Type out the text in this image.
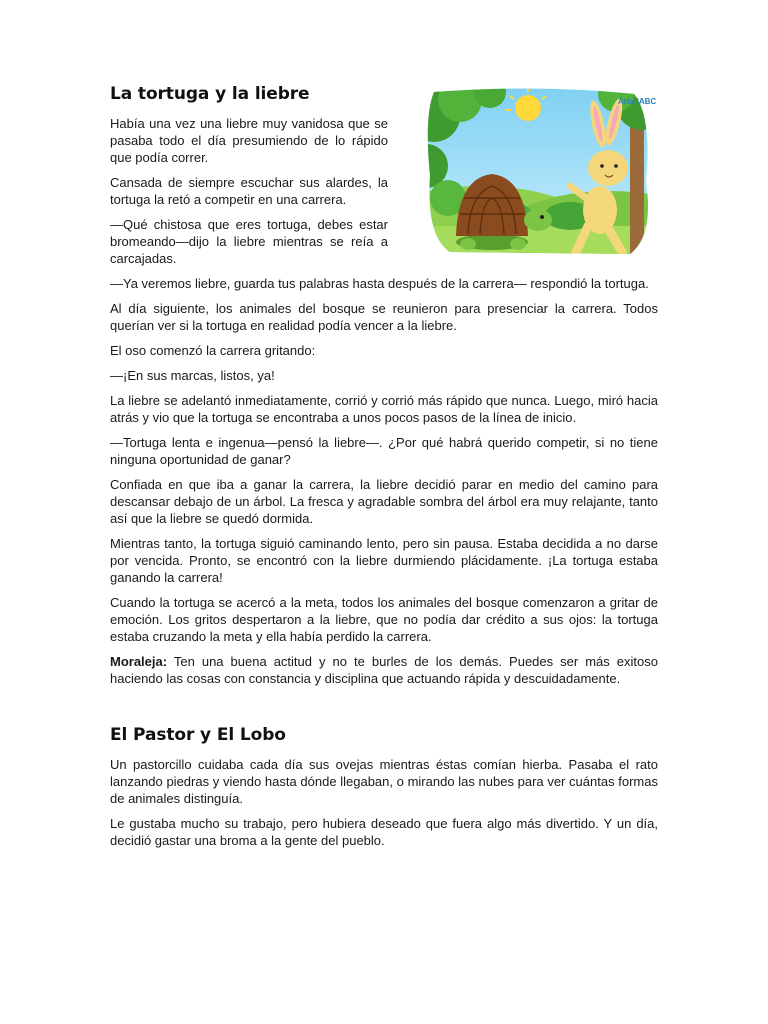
ÁrbolABC
La tortuga y la liebre

Había una vez una liebre muy vanidosa que se pasaba todo el día presumiendo de lo rápido que podía correr.

Cansada de siempre escuchar sus alardes, la tortuga la retó a competir en una carrera.

—Qué chistosa que eres tortuga, debes estar bromeando—dijo la liebre mientras se reía a carcajadas.

—Ya veremos liebre, guarda tus palabras hasta después de la carrera— respondió la tortuga.

Al día siguiente, los animales del bosque se reunieron para presenciar la carrera. Todos querían ver si la tortuga en realidad podía vencer a la liebre.

El oso comenzó la carrera gritando:

—¡En sus marcas, listos, ya!

La liebre se adelantó inmediatamente, corrió y corrió más rápido que nunca. Luego, miró hacia atrás y vio que la tortuga se encontraba a unos pocos pasos de la línea de inicio.

—Tortuga lenta e ingenua—pensó la liebre—. ¿Por qué habrá querido competir, si no tiene ninguna oportunidad de ganar?

Confiada en que iba a ganar la carrera, la liebre decidió parar en medio del camino para descansar debajo de un árbol. La fresca y agradable sombra del árbol era muy relajante, tanto así que la liebre se quedó dormida.

Mientras tanto, la tortuga siguió caminando lento, pero sin pausa. Estaba decidida a no darse por vencida. Pronto, se encontró con la liebre durmiendo plácidamente. ¡La tortuga estaba ganando la carrera!

Cuando la tortuga se acercó a la meta, todos los animales del bosque comenzaron a gritar de emoción. Los gritos despertaron a la liebre, que no podía dar crédito a sus ojos: la tortuga estaba cruzando la meta y ella había perdido la carrera.

Moraleja: Ten una buena actitud y no te burles de los demás. Puedes ser más exitoso haciendo las cosas con constancia y disciplina que actuando rápida y descuidadamente.

El Pastor y El Lobo

Un pastorcillo cuidaba cada día sus ovejas mientras éstas comían hierba. Pasaba el rato lanzando piedras y viendo hasta dónde llegaban, o mirando las nubes para ver cuántas formas de animales distinguía.

Le gustaba mucho su trabajo, pero hubiera deseado que fuera algo más divertido. Y un día, decidió gastar una broma a la gente del pueblo.
